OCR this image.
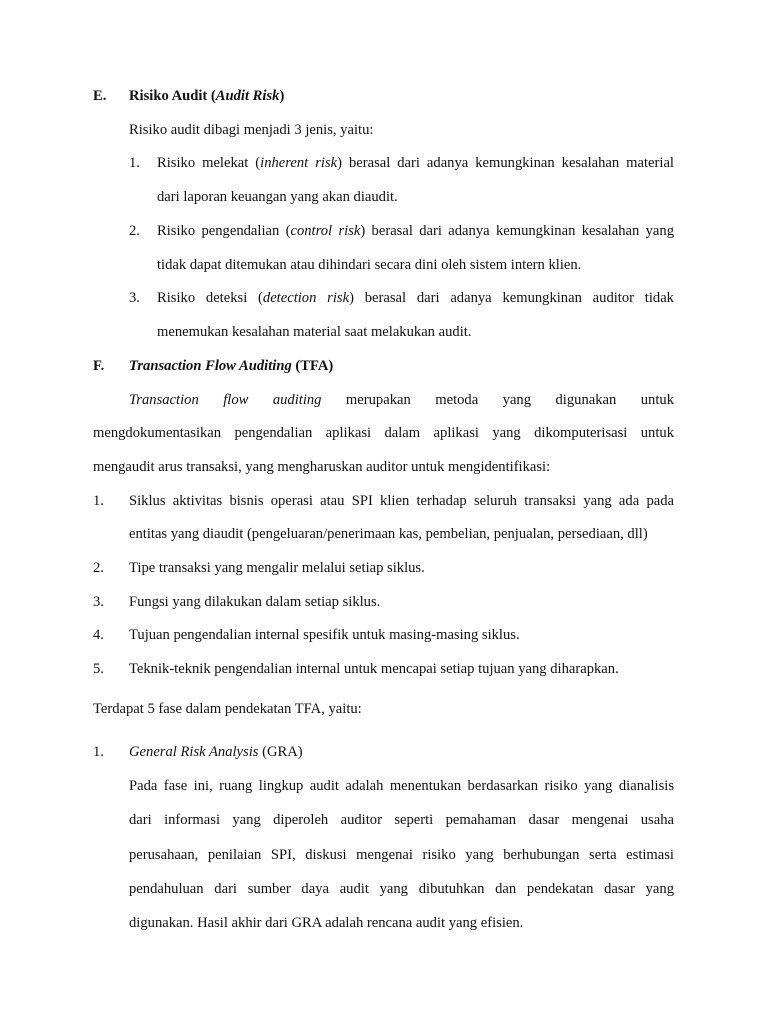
E. Risiko Audit (Audit Risk)
Risiko audit dibagi menjadi 3 jenis, yaitu:
1. Risiko melekat (inherent risk) berasal dari adanya kemungkinan kesalahan material
dari laporan keuangan yang akan diaudit.
2. Risiko pengendalian (control risk) berasal dari adanya kemungkinan kesalahan yang
tidak dapat ditemukan atau dihindari secara dini oleh sistem intern klien.
3. Risiko deteksi (detection risk) berasal dari adanya kemungkinan auditor tidak
menemukan kesalahan material saat melakukan audit.
F. Transaction Flow Auditing (TFA)
Transaction flow auditing merupakan metoda yang digunakan untuk
mengdokumentasikan pengendalian aplikasi dalam aplikasi yang dikomputerisasi untuk
mengaudit arus transaksi, yang mengharuskan auditor untuk mengidentifikasi:
1. Siklus aktivitas bisnis operasi atau SPI klien terhadap seluruh transaksi yang ada pada
entitas yang diaudit (pengeluaran/penerimaan kas, pembelian, penjualan, persediaan, dll)
2. Tipe transaksi yang mengalir melalui setiap siklus.
3. Fungsi yang dilakukan dalam setiap siklus.
4. Tujuan pengendalian internal spesifik untuk masing-masing siklus.
5. Teknik-teknik pengendalian internal untuk mencapai setiap tujuan yang diharapkan.
Terdapat 5 fase dalam pendekatan TFA, yaitu:
1. General Risk Analysis (GRA)
Pada fase ini, ruang lingkup audit adalah menentukan berdasarkan risiko yang dianalisis
dari informasi yang diperoleh auditor seperti pemahaman dasar mengenai usaha
perusahaan, penilaian SPI, diskusi mengenai risiko yang berhubungan serta estimasi
pendahuluan dari sumber daya audit yang dibutuhkan dan pendekatan dasar yang
digunakan. Hasil akhir dari GRA adalah rencana audit yang efisien.
